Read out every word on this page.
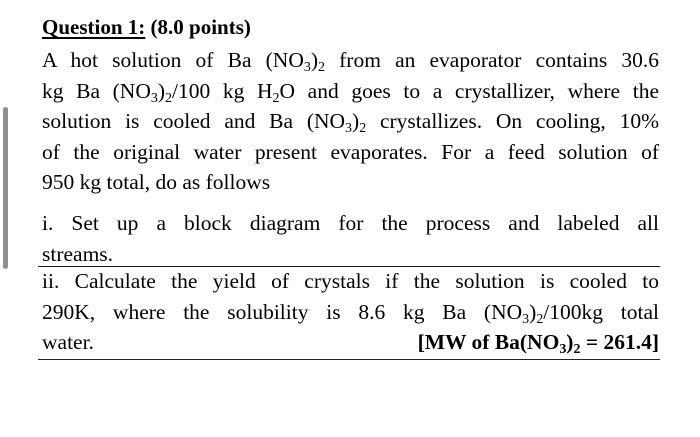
Question 1: (8.0 points)

A hot solution of Ba $(NO_3)_2$ from an evaporator contains 30.6
kg Ba $(NO_3)_2/100$ kg $H_2O$ and goes to a crystallizer, where the
solution is cooled and Ba $(NO_3)_2$ crystallizes. On cooling, 10%
of the original water present evaporates. For a feed solution of
950 kg total, do as follows

i. Set up a block diagram for the process and labeled all
streams.

ii. Calculate the yield of crystals if the solution is cooled to
290K, where the solubility is 8.6 kg Ba $(NO_3)_2/100kg$ total
water.	[MW of $Ba(NO_3)_2 = 261.4$]
